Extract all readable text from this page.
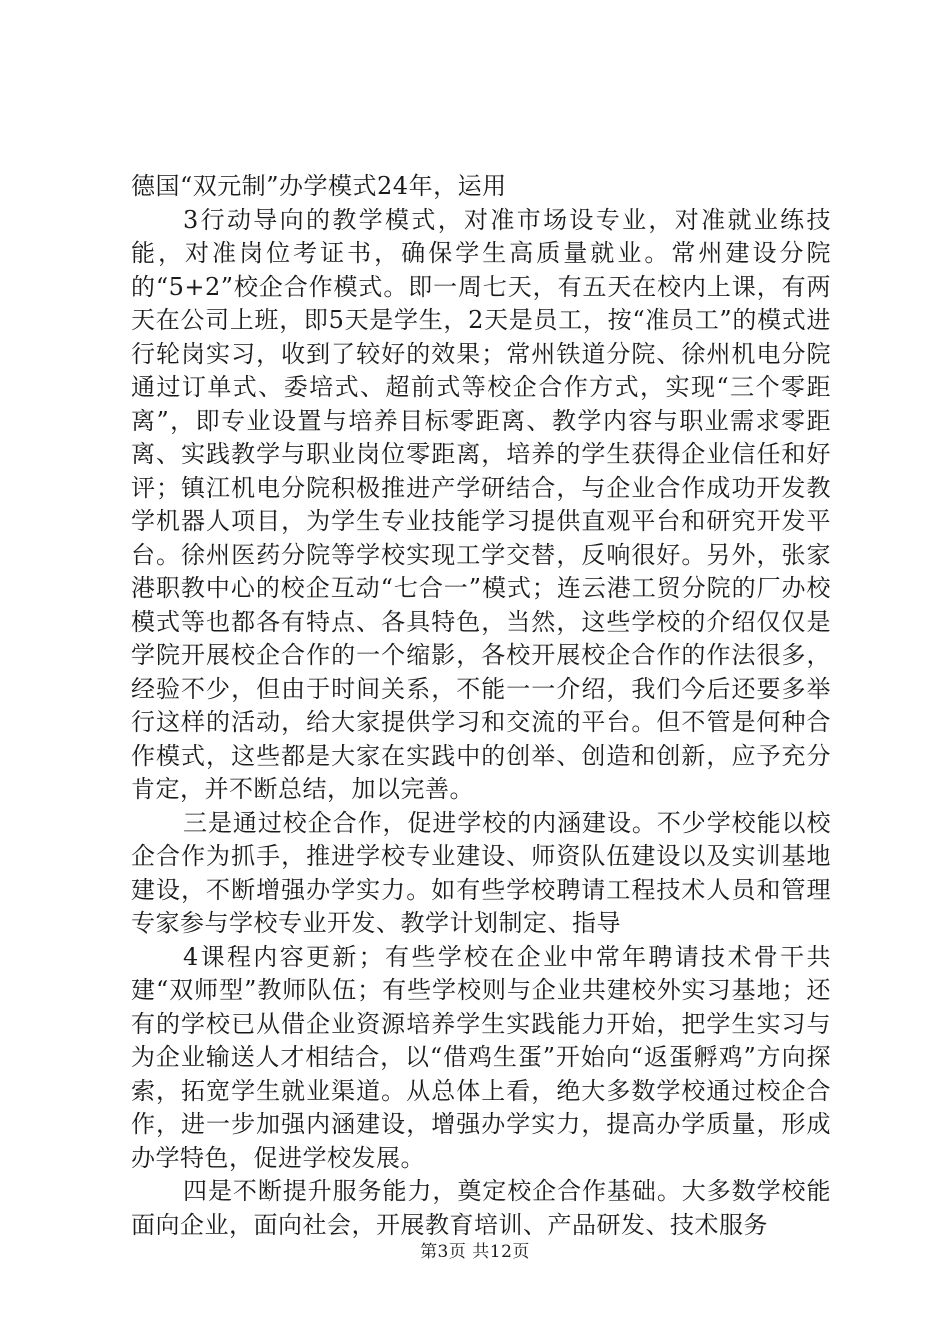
德国“双元制”办学模式24年，运用

3行动导向的教学模式，对准市场设专业，对准就业练技能，对准岗位考证书，确保学生高质量就业。常州建设分院的“5+2”校企合作模式。即一周七天，有五天在校内上课，有两天在公司上班，即5天是学生，2天是员工，按“准员工”的模式进行轮岗实习，收到了较好的效果；常州铁道分院、徐州机电分院通过订单式、委培式、超前式等校企合作方式，实现“三个零距离”，即专业设置与培养目标零距离、教学内容与职业需求零距离、实践教学与职业岗位零距离，培养的学生获得企业信任和好评；镇江机电分院积极推进产学研结合，与企业合作成功开发教学机器人项目，为学生专业技能学习提供直观平台和研究开发平台。徐州医药分院等学校实现工学交替，反响很好。另外，张家港职教中心的校企互动“七合一”模式；连云港工贸分院的厂办校模式等也都各有特点、各具特色，当然，这些学校的介绍仅仅是学院开展校企合作的一个缩影，各校开展校企合作的作法很多，经验不少，但由于时间关系，不能一一介绍，我们今后还要多举行这样的活动，给大家提供学习和交流的平台。但不管是何种合作模式，这些都是大家在实践中的创举、创造和创新，应予充分肯定，并不断总结，加以完善。

三是通过校企合作，促进学校的内涵建设。不少学校能以校企合作为抓手，推进学校专业建设、师资队伍建设以及实训基地建设，不断增强办学实力。如有些学校聘请工程技术人员和管理专家参与学校专业开发、教学计划制定、指导

4课程内容更新；有些学校在企业中常年聘请技术骨干共建“双师型”教师队伍；有些学校则与企业共建校外实习基地；还有的学校已从借企业资源培养学生实践能力开始，把学生实习与为企业输送人才相结合，以“借鸡生蛋”开始向“返蛋孵鸡”方向探索，拓宽学生就业渠道。从总体上看，绝大多数学校通过校企合作，进一步加强内涵建设，增强办学实力，提高办学质量，形成办学特色，促进学校发展。

四是不断提升服务能力，奠定校企合作基础。大多数学校能面向企业，面向社会，开展教育培训、产品研发、技术服务

第3页 共12页
